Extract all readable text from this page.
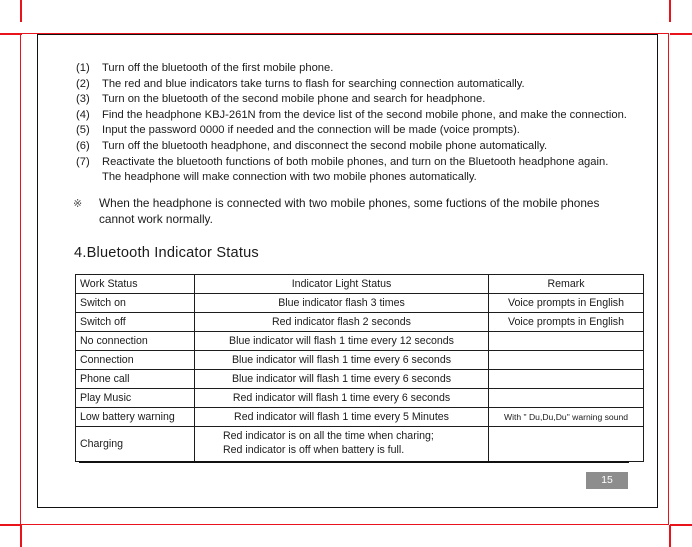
(1)	Turn off the bluetooth of the first mobile phone.
(2)	The red and blue indicators take turns to flash for searching connection automatically.
(3)	Turn on the bluetooth of the second mobile phone and search for headphone.
(4)	Find the headphone KBJ-261N from the device list of the second mobile phone, and make the connection.
(5)	Input the password 0000 if needed and the connection will be made (voice prompts).
(6)	Turn off the bluetooth headphone, and disconnect the second mobile phone automatically.
(7)	Reactivate the bluetooth functions of both mobile phones, and turn on the Bluetooth headphone again. The headphone will make connection with two mobile phones automatically.
※ When the headphone is connected with two mobile phones, some fuctions of the mobile phones cannot work normally.
4.Bluetooth Indicator Status
Work Status	Indicator Light Status	Remark
Switch on	Blue indicator flash 3 times	Voice prompts in English
Switch off	Red indicator flash 2 seconds	Voice prompts in English
No connection	Blue indicator will flash 1 time every 12 seconds	
Connection	Blue indicator will flash 1 time every 6 seconds	
Phone call	Blue indicator will flash 1 time every 6 seconds	
Play Music	Red indicator will flash 1 time every 6 seconds	
Low battery warning	Red indicator will flash 1 time every 5 Minutes	With " Du,Du,Du" warning sound
Charging	Red indicator is on all the time when charing;
Red indicator is off when battery is full.	

15
